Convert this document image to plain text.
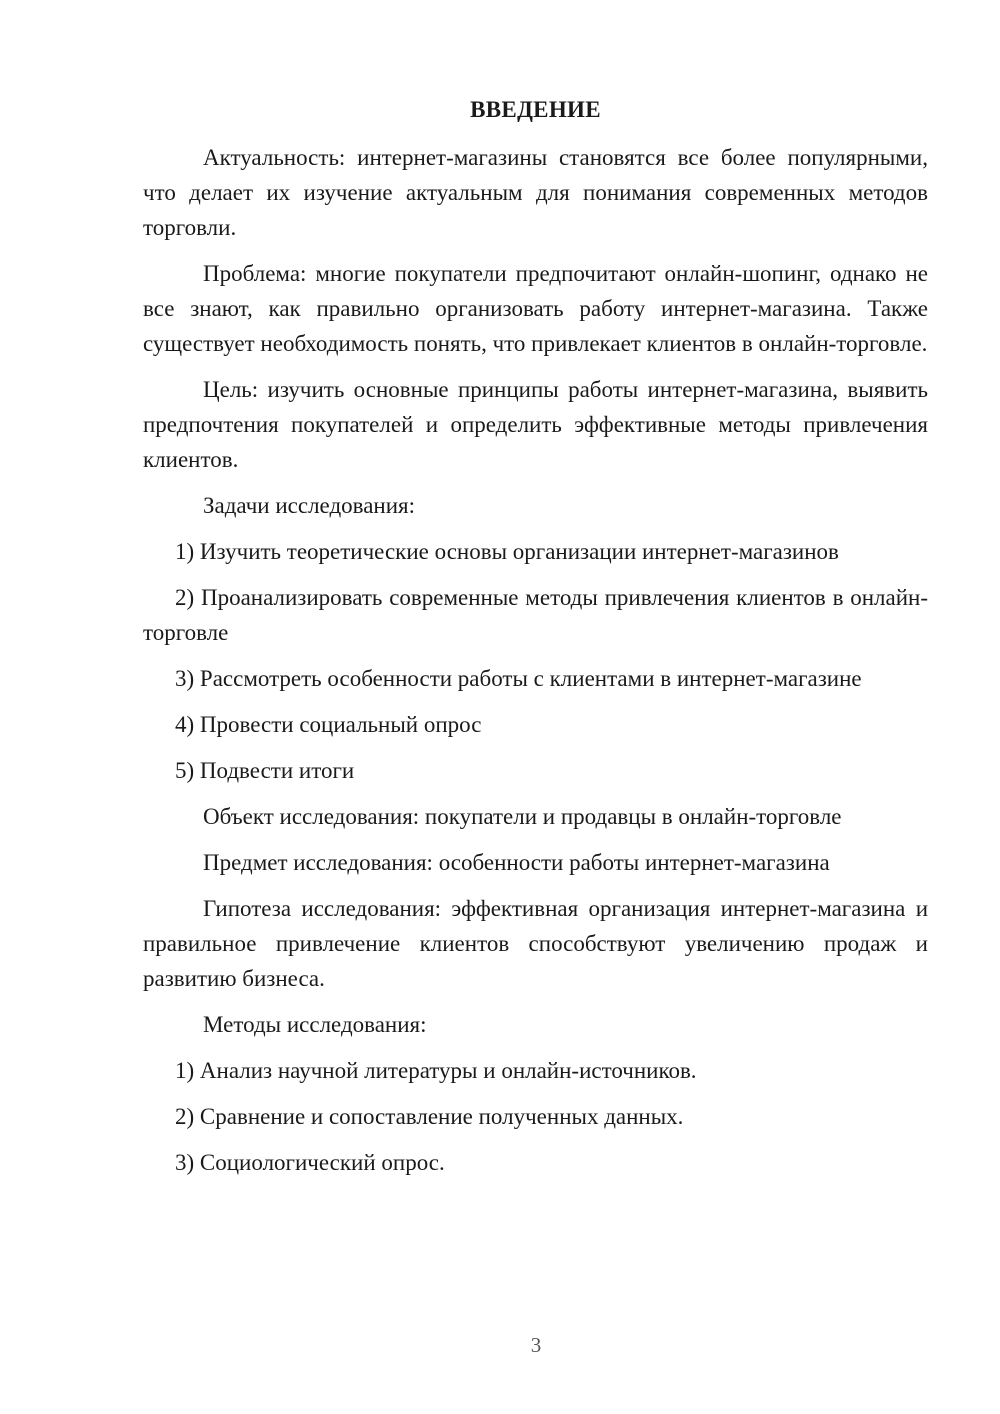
ВВЕДЕНИЕ

Актуальность: интернет-магазины становятся все более популярными, что делает их изучение актуальным для понимания современных методов торговли.

Проблема: многие покупатели предпочитают онлайн-шопинг, однако не все знают, как правильно организовать работу интернет-магазина. Также существует необходимость понять, что привлекает клиентов в онлайн-торговле.

Цель: изучить основные принципы работы интернет-магазина, выявить предпочтения покупателей и определить эффективные методы привлечения клиентов.

Задачи исследования:

1) Изучить теоретические основы организации интернет-магазинов

2) Проанализировать современные методы привлечения клиентов в онлайн-торговле

3) Рассмотреть особенности работы с клиентами в интернет-магазине

4) Провести социальный опрос

5) Подвести итоги

Объект исследования: покупатели и продавцы в онлайн-торговле

Предмет исследования: особенности работы интернет-магазина

Гипотеза исследования: эффективная организация интернет-магазина и правильное привлечение клиентов способствуют увеличению продаж и развитию бизнеса.

Методы исследования:

1) Анализ научной литературы и онлайн-источников.

2) Сравнение и сопоставление полученных данных.

3) Социологический опрос.

3
